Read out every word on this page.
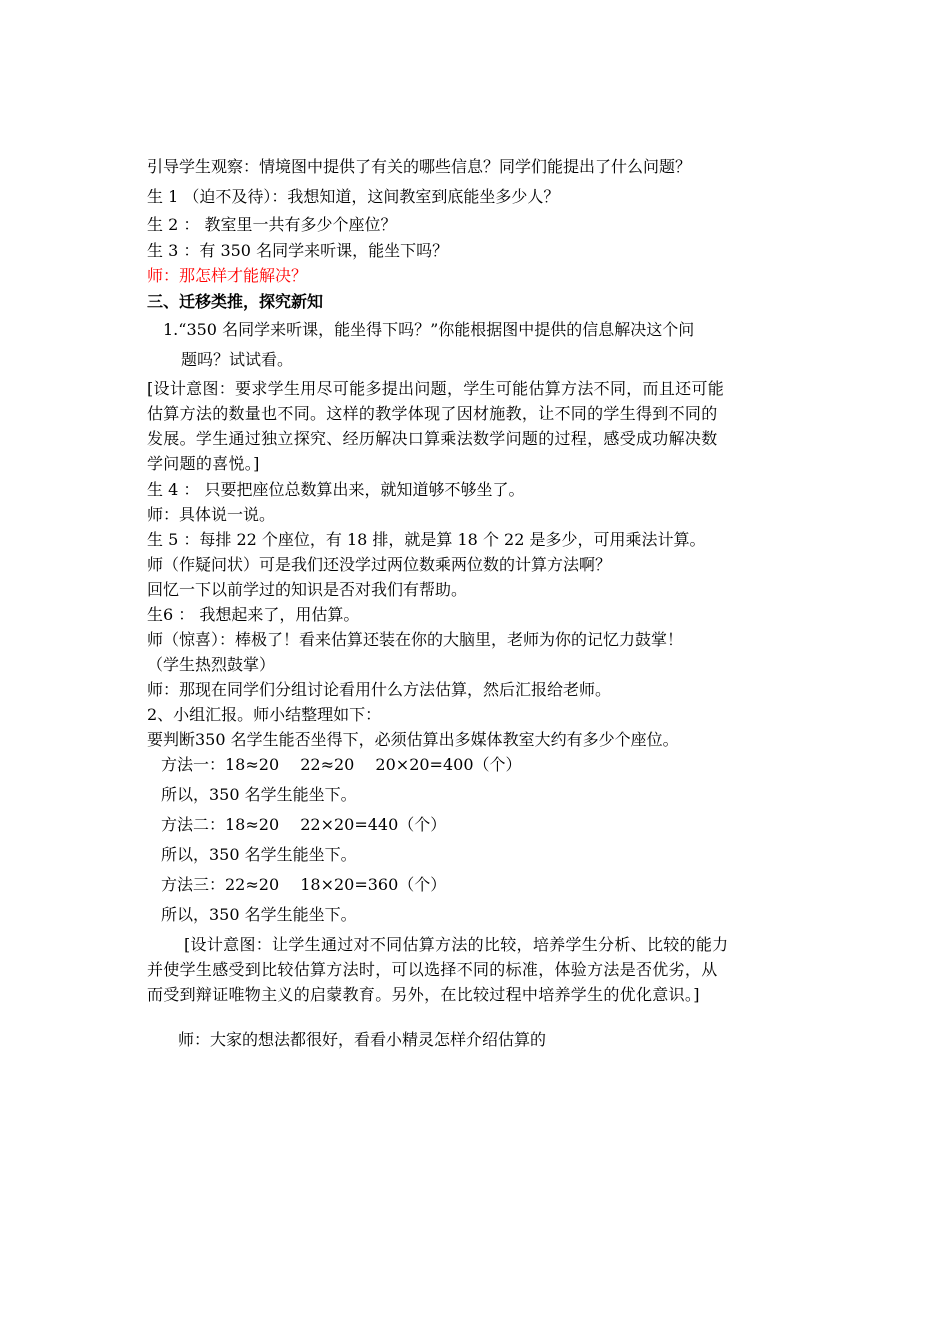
引导学生观察：情境图中提供了有关的哪些信息？同学们能提出了什么问题？
生 1 （迫不及待）：我想知道，这间教室到底能坐多少人？
生 2 ： 教室里一共有多少个座位？
生 3 ：有 350 名同学来听课，能坐下吗？
师：那怎样才能解决？
三、迁移类推，探究新知
1.“350 名同学来听课，能坐得下吗？”你能根据图中提供的信息解决这个问
题吗？试试看。
[设计意图：要求学生用尽可能多提出问题，学生可能估算方法不同，而且还可能
估算方法的数量也不同。这样的教学体现了因材施教，让不同的学生得到不同的
发展。学生通过独立探究、经历解决口算乘法数学问题的过程，感受成功解决数
学问题的喜悦。]
生 4 ： 只要把座位总数算出来，就知道够不够坐了。
师：具体说一说。
生 5 ：每排 22 个座位，有 18 排，就是算 18 个 22 是多少，可用乘法计算。
师（作疑问状）可是我们还没学过两位数乘两位数的计算方法啊？
回忆一下以前学过的知识是否对我们有帮助。
生6 ： 我想起来了，用估算。
师（惊喜）：棒极了！看来估算还装在你的大脑里，老师为你的记忆力鼓掌！
（学生热烈鼓掌）
师：那现在同学们分组讨论看用什么方法估算，然后汇报给老师。
2、小组汇报。师小结整理如下：
要判断350 名学生能否坐得下，必须估算出多媒体教室大约有多少个座位。
方法一：18≈20　 22≈20　 20×20=400（个）
所以，350 名学生能坐下。
方法二：18≈20　 22×20=440（个）
所以，350 名学生能坐下。
方法三：22≈20　 18×20=360（个）
所以，350 名学生能坐下。
[设计意图：让学生通过对不同估算方法的比较，培养学生分析、比较的能力
并使学生感受到比较估算方法时，可以选择不同的标准，体验方法是否优劣，从
而受到辩证唯物主义的启蒙教育。另外，在比较过程中培养学生的优化意识。]
师：大家的想法都很好，看看小精灵怎样介绍估算的
